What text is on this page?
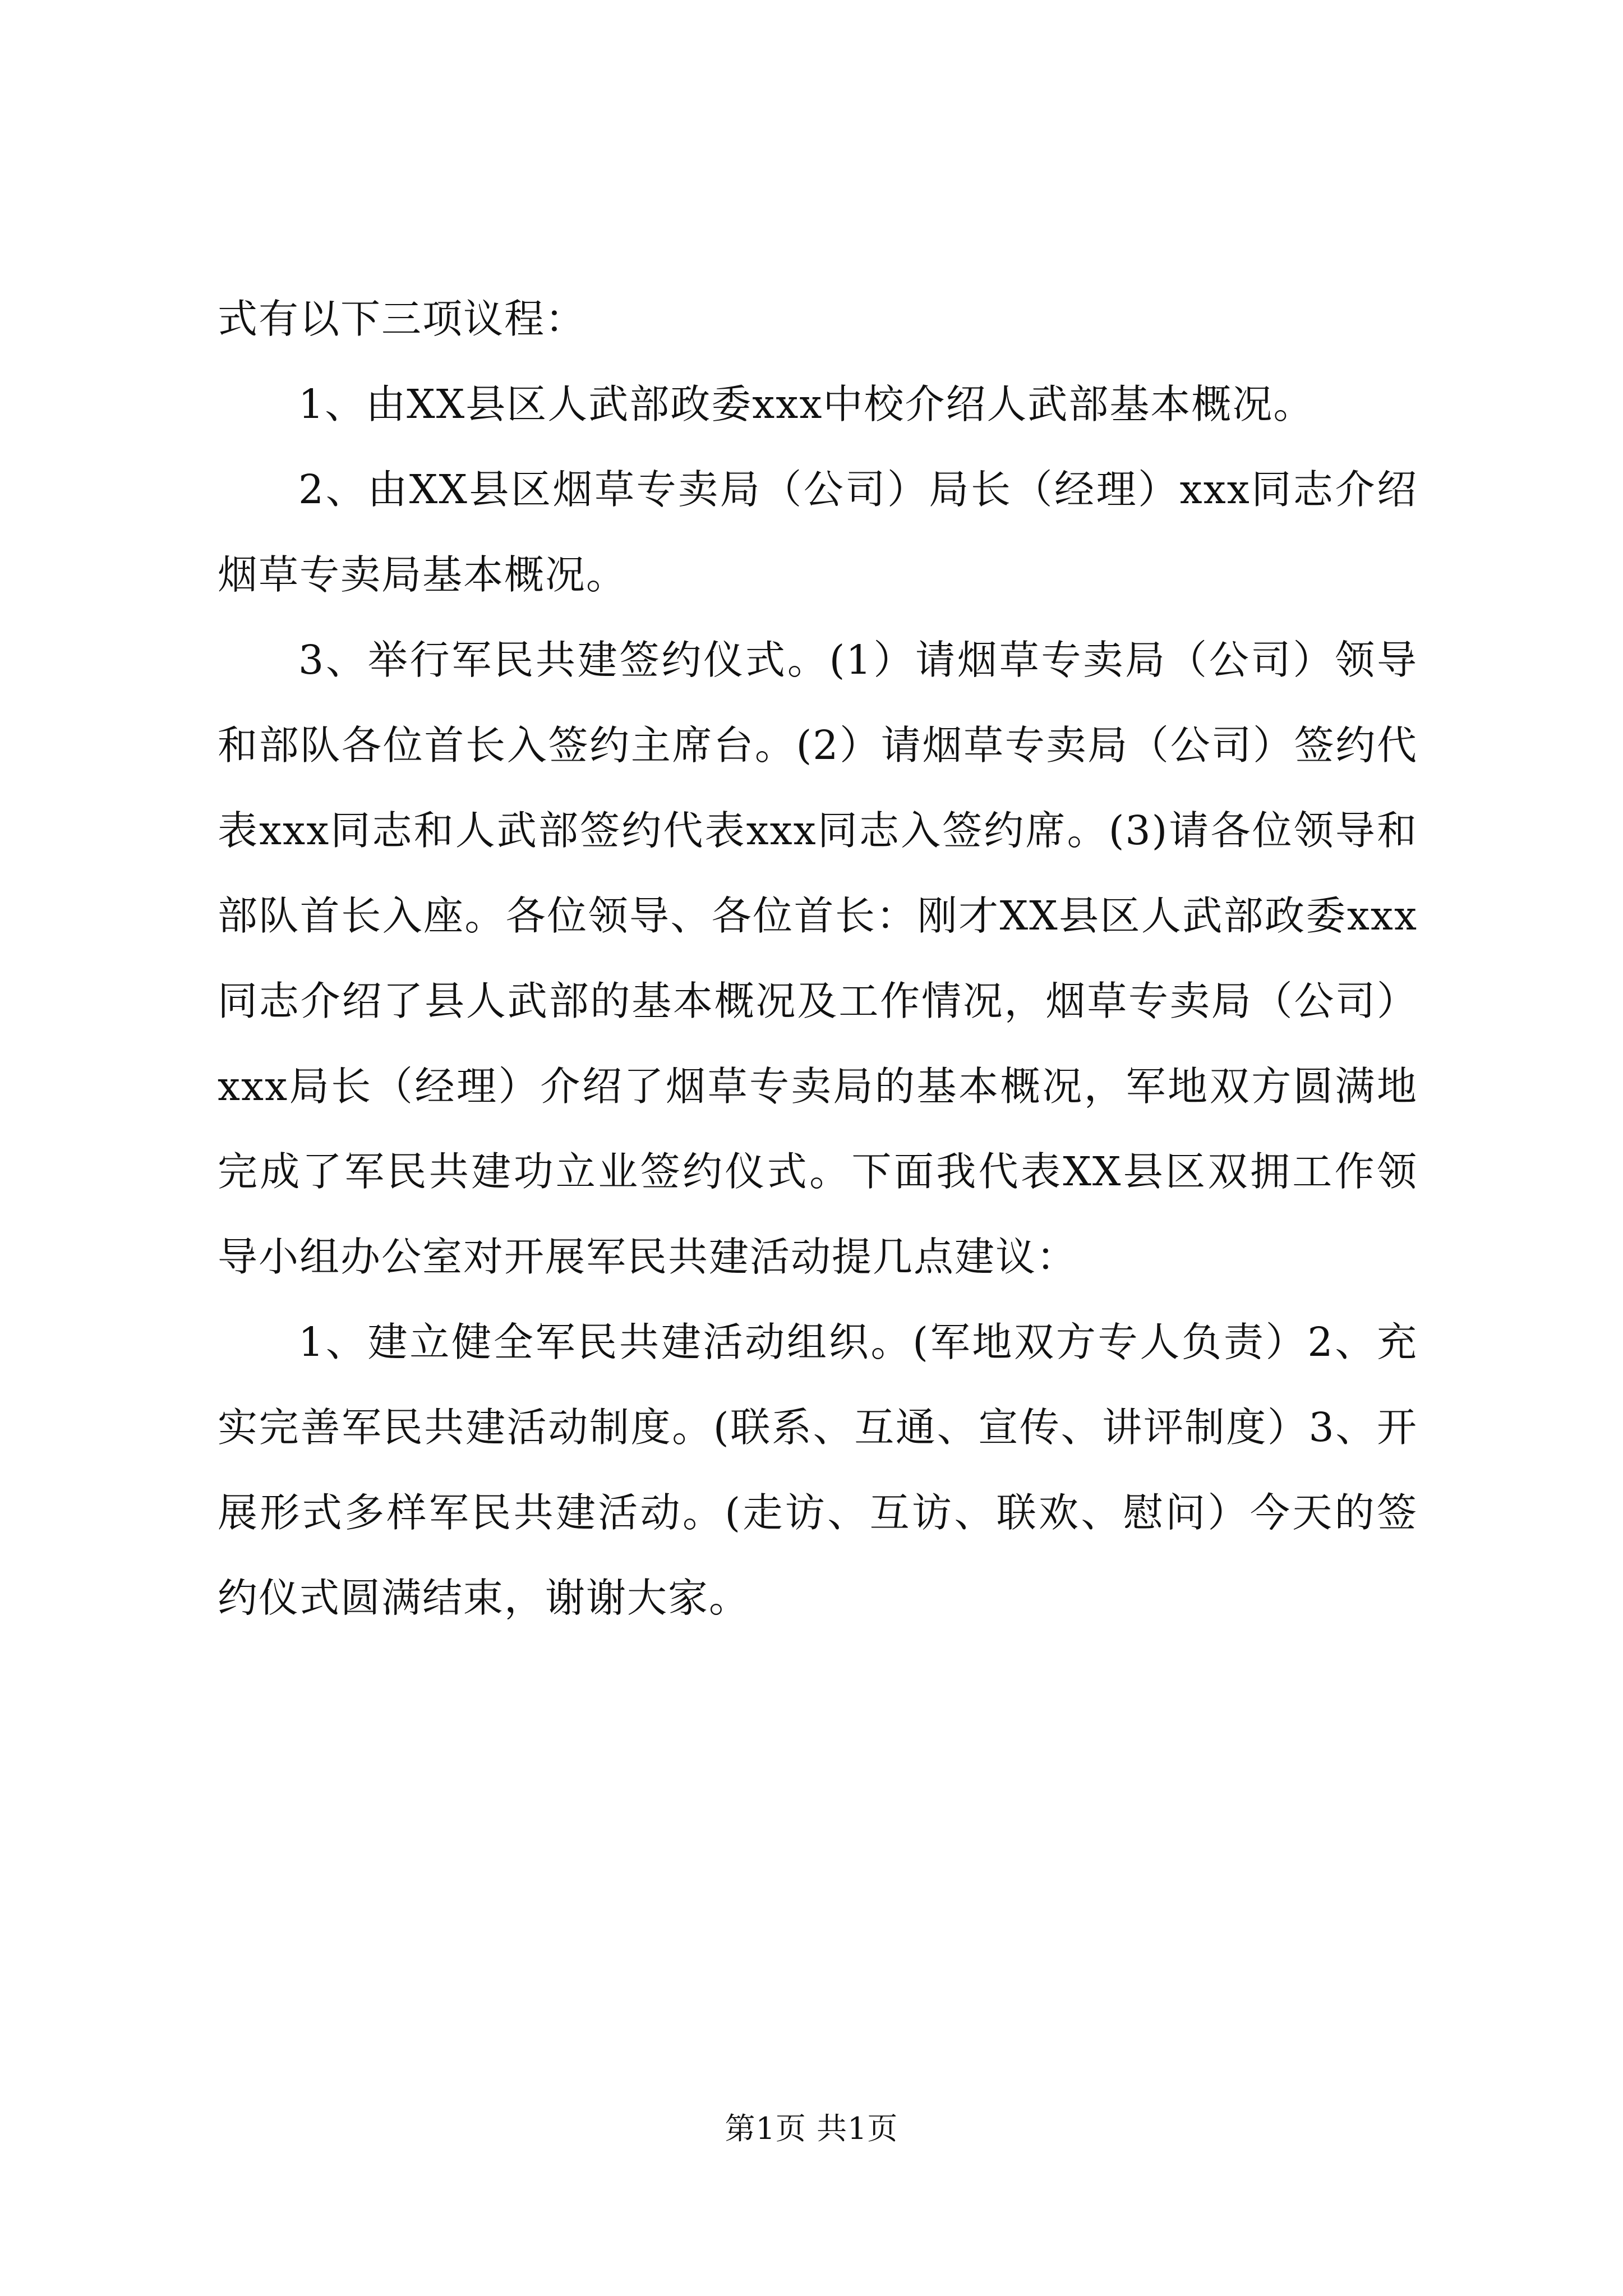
式有以下三项议程：

1、由XX县区人武部政委xxx中校介绍人武部基本概况。

2、由XX县区烟草专卖局（公司）局长（经理）xxx同志介绍烟草专卖局基本概况。

3、举行军民共建签约仪式。(1）请烟草专卖局（公司）领导和部队各位首长入签约主席台。(2）请烟草专卖局（公司）签约代表xxx同志和人武部签约代表xxx同志入签约席。(3)请各位领导和部队首长入座。各位领导、各位首长：刚才XX县区人武部政委xxx同志介绍了县人武部的基本概况及工作情况，烟草专卖局（公司）xxx局长（经理）介绍了烟草专卖局的基本概况，军地双方圆满地完成了军民共建功立业签约仪式。下面我代表XX县区双拥工作领导小组办公室对开展军民共建活动提几点建议：

1、建立健全军民共建活动组织。(军地双方专人负责）2、充实完善军民共建活动制度。(联系、互通、宣传、讲评制度）3、开展形式多样军民共建活动。(走访、互访、联欢、慰问）今天的签约仪式圆满结束，谢谢大家。

第1页 共1页
